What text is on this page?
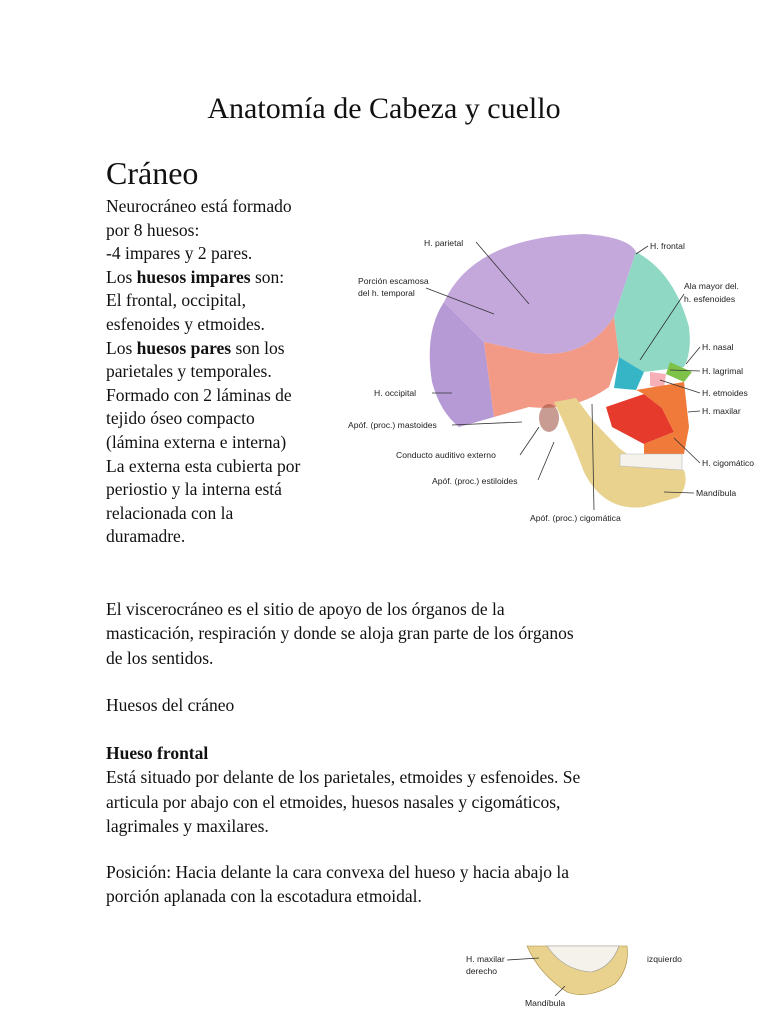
Anatomía de Cabeza y cuello
Cráneo
Neurocráneo está formado
por 8 huesos:
-4 impares y 2 pares.
Los huesos impares son:
El frontal, occipital,
esfenoides y etmoides.
Los huesos pares son los
parietales y temporales.
Formado con 2 láminas de
tejido óseo compacto
(lámina externa e interna)
La externa esta cubierta por
periostio y la interna está
relacionada con la
duramadre.
H. parietal	H. frontal
Porción escamosa
del h. temporal
Ala mayor del.
h. esfenoides
H. nasal
H. lagrimal
H. occipital	H. etmoides
H. maxilar
Apóf. (proc.) mastoides
Conducto auditivo externo
H. cigomático
Apóf. (proc.) estiloides
Mandíbula
Apóf. (proc.) cigomática

El viscerocráneo es el sitio de apoyo de los órganos de la
masticación, respiración y donde se aloja gran parte de los órganos
de los sentidos.

Huesos del cráneo

Hueso frontal
Está situado por delante de los parietales, etmoides y esfenoides. Se
articula por abajo con el etmoides, huesos nasales y cigomáticos,
lagrimales y maxilares.

Posición: Hacia delante la cara convexa del hueso y hacia abajo la
porción aplanada con la escotadura etmoidal.

H. maxilar
derecho
izquierdo
Mandíbula
